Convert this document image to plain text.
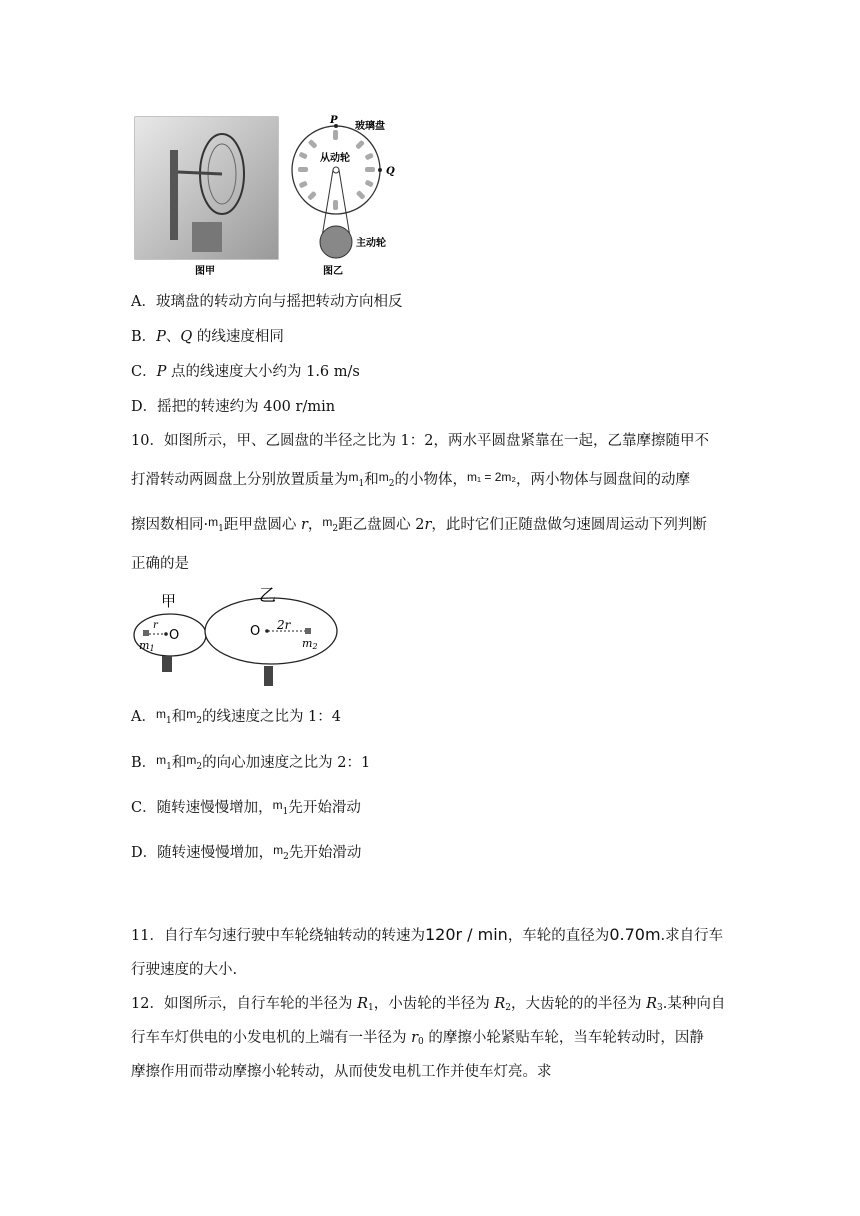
P
Q
玻璃盘
从动轮
主动轮
图甲	图乙
A．玻璃盘的转动方向与摇把转动方向相反
B．P、Q 的线速度相同
C．P 点的线速度大小约为 1.6 m/s
D．摇把的转速约为 400 r/min
10．如图所示，甲、乙圆盘的半径之比为 1：2，两水平圆盘紧靠在一起，乙靠摩擦随甲不
打滑转动两圆盘上分别放置质量为$^m_1$和$^m_2$的小物体，$^{m_1 = 2m_2}$，两小物体与圆盘间的动摩
擦因数相同·$^m_1$距甲盘圆心 r，$^m_2$距乙盘圆心 2r，此时它们正随盘做匀速圆周运动下列判断
正确的是
甲	乙
r
O	O 2r
m1	m2
A．$^m_1$和$^m_2$的线速度之比为 1：4
B．$^m_1$和$^m_2$的向心加速度之比为 2：1
C．随转速慢慢增加，$^m_1$先开始滑动
D．随转速慢慢增加，$^m_2$先开始滑动
11．自行车匀速行驶中车轮绕轴转动的转速为120r / min，车轮的直径为0.70m.求自行车
行驶速度的大小.
12．如图所示，自行车轮的半径为 $R_1$，小齿轮的半径为 $R_2$，大齿轮的的半径为 $R_3$.某种向自
行车车灯供电的小发电机的上端有一半径为 $r_0$ 的摩擦小轮紧贴车轮，当车轮转动时，因静
摩擦作用而带动摩擦小轮转动，从而使发电机工作并使车灯亮。求
